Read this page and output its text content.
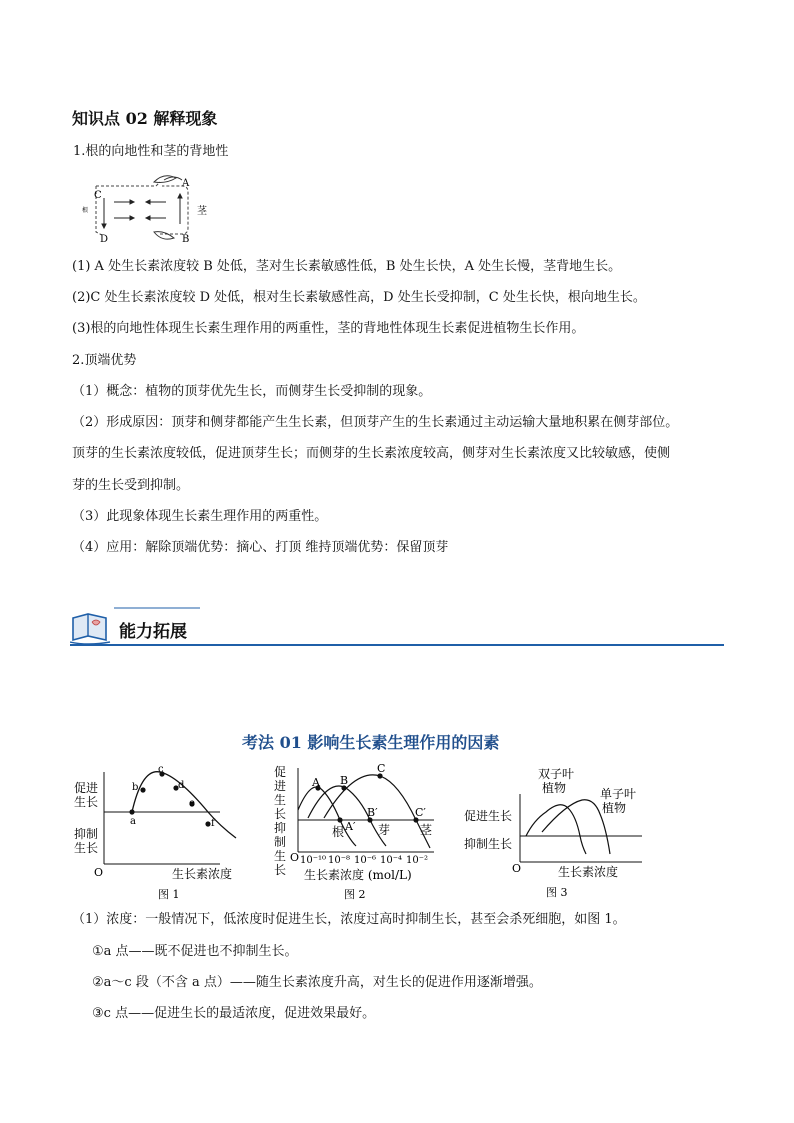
知识点 02 解释现象
1.根的向地性和茎的背地性
C
D
A
B
根	茎
(1) A 处生长素浓度较 B 处低，茎对生长素敏感性低，B 处生长快，A 处生长慢，茎背地生长。
(2)C 处生长素浓度较 D 处低，根对生长素敏感性高，D 处生长受抑制，C 处生长快，根向地生长。
(3)根的向地性体现生长素生理作用的两重性，茎的背地性体现生长素促进植物生长作用。
2.顶端优势
（1）概念：植物的顶芽优先生长，而侧芽生长受抑制的现象。
（2）形成原因：顶芽和侧芽都能产生生长素，但顶芽产生的生长素通过主动运输大量地积累在侧芽部位。
顶芽的生长素浓度较低，促进顶芽生长；而侧芽的生长素浓度较高，侧芽对生长素浓度又比较敏感，使侧
芽的生长受到抑制。
（3）此现象体现生长素生理作用的两重性。
（4）应用：解除顶端优势：摘心、打顶 维持顶端优势：保留顶芽
能力拓展
考法 01 影响生长素生理作用的因素
a
b
c
d
e
f
促进
生长
抑制
生长
O	生长素浓度
图 1
A B
C
A′
B′	C′
根	芽 茎
促
进
生
长
抑
制
生
长
O 10⁻¹⁰ 10⁻⁸ 10⁻⁶ 10⁻⁴ 10⁻²
生长素浓度 (mol/L)
图 2
双子叶
植物	单子叶
植物
促进生长
抑制生长
O	生长素浓度
图 3
（1）浓度：一般情况下，低浓度时促进生长，浓度过高时抑制生长，甚至会杀死细胞，如图 1。
①a 点——既不促进也不抑制生长。
②a～c 段（不含 a 点）——随生长素浓度升高，对生长的促进作用逐渐增强。
③c 点——促进生长的最适浓度，促进效果最好。
